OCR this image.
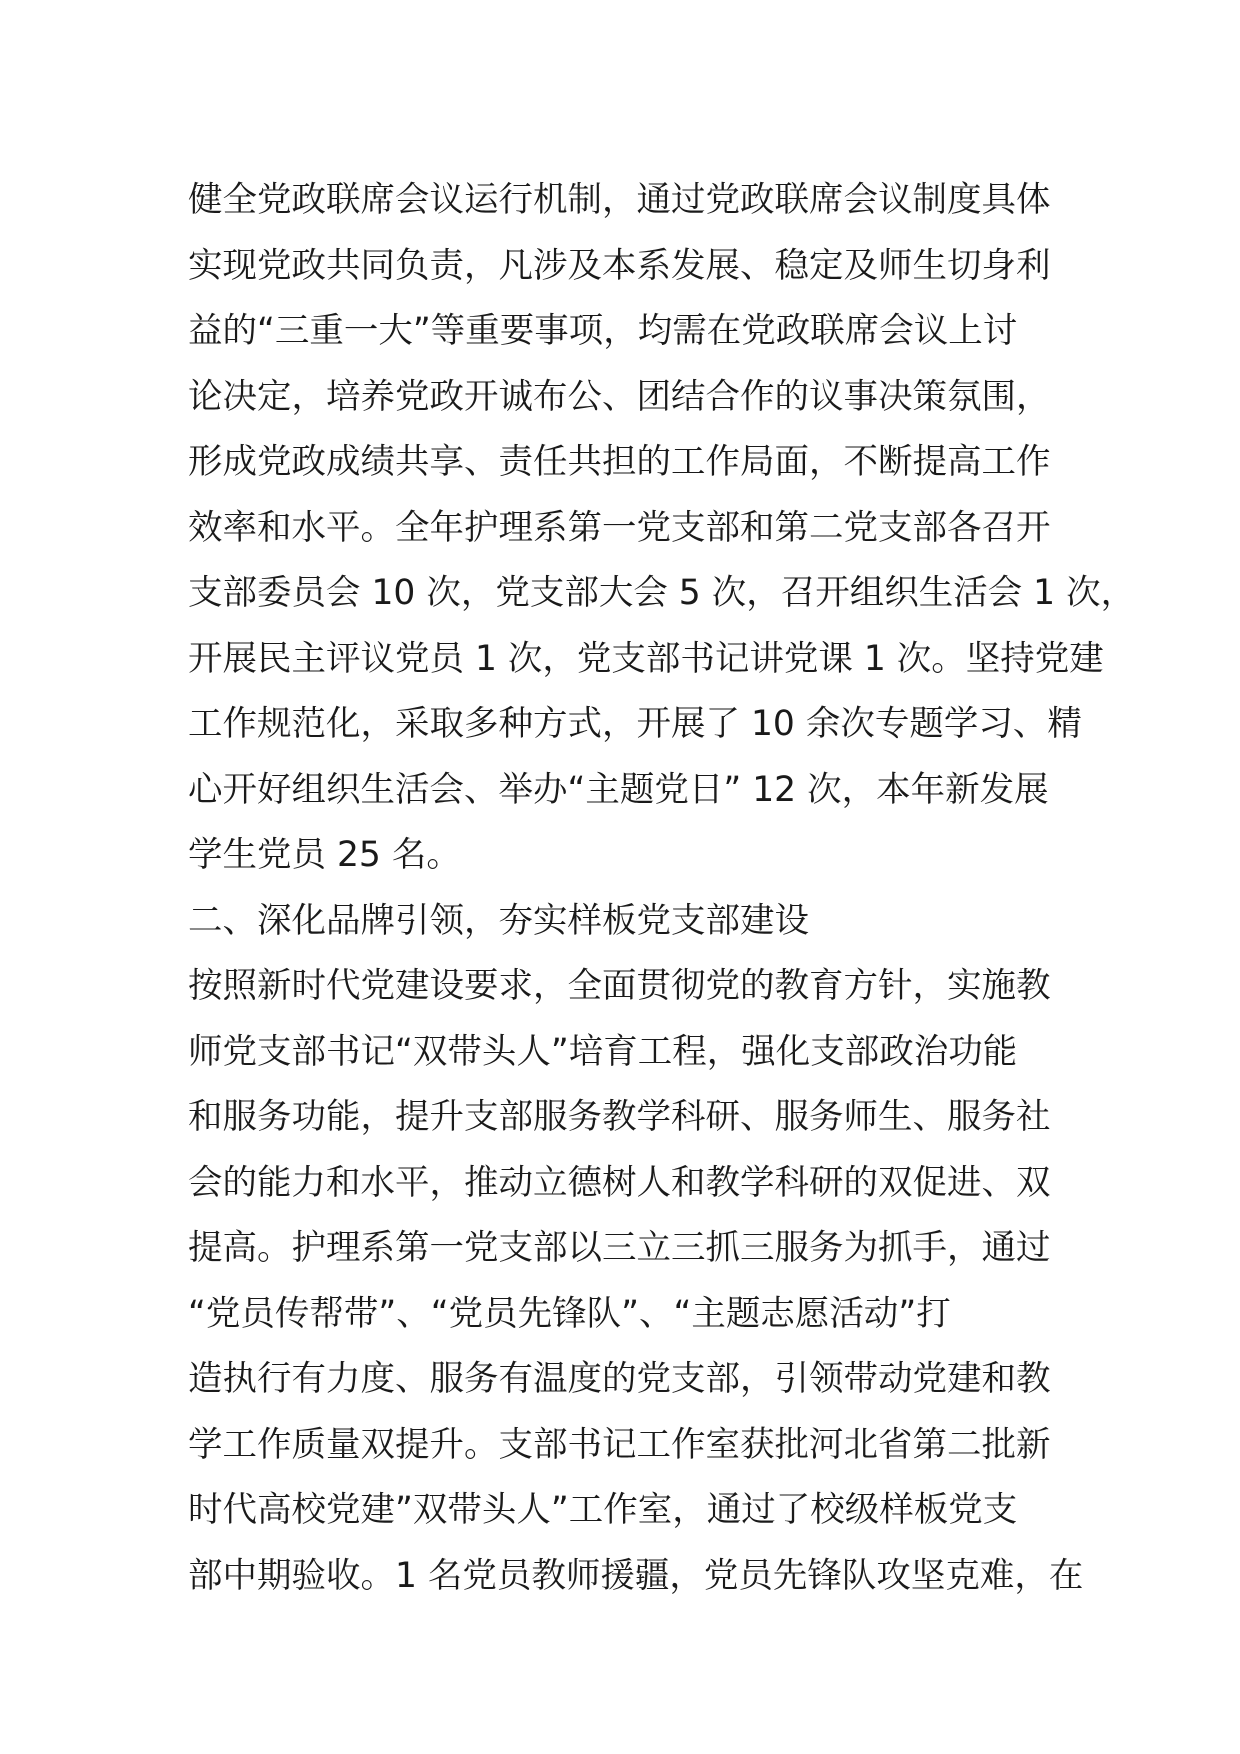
健全党政联席会议运行机制，通过党政联席会议制度具体
实现党政共同负责，凡涉及本系发展、稳定及师生切身利
益的“三重一大”等重要事项，均需在党政联席会议上讨
论决定，培养党政开诚布公、团结合作的议事决策氛围，
形成党政成绩共享、责任共担的工作局面，不断提高工作
效率和水平。全年护理系第一党支部和第二党支部各召开
支部委员会 10 次，党支部大会 5 次，召开组织生活会 1 次，
开展民主评议党员 1 次，党支部书记讲党课 1 次。坚持党建
工作规范化，采取多种方式，开展了 10 余次专题学习、精
心开好组织生活会、举办“主题党日” 12 次，本年新发展
学生党员 25 名。
二、深化品牌引领，夯实样板党支部建设
按照新时代党建设要求，全面贯彻党的教育方针，实施教
师党支部书记“双带头人”培育工程，强化支部政治功能
和服务功能，提升支部服务教学科研、服务师生、服务社
会的能力和水平，推动立德树人和教学科研的双促进、双
提高。护理系第一党支部以三立三抓三服务为抓手，通过
“党员传帮带”、“党员先锋队”、“主题志愿活动”打
造执行有力度、服务有温度的党支部，引领带动党建和教
学工作质量双提升。支部书记工作室获批河北省第二批新
时代高校党建”双带头人”工作室，通过了校级样板党支
部中期验收。1 名党员教师援疆，党员先锋队攻坚克难，在
